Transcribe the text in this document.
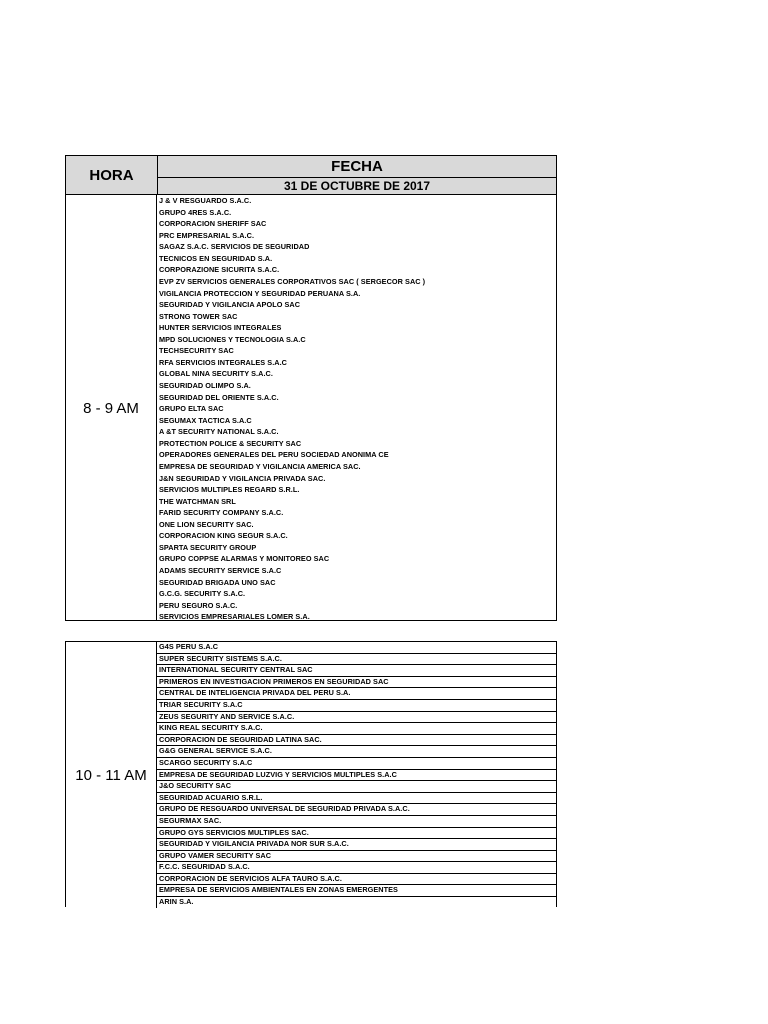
HORA	FECHA
31 DE OCTUBRE DE 2017
8 - 9 AM
J & V RESGUARDO S.A.C.
GRUPO 4RES S.A.C.
CORPORACION SHERIFF SAC
PRC EMPRESARIAL S.A.C.
SAGAZ S.A.C. SERVICIOS DE SEGURIDAD
TECNICOS EN SEGURIDAD S.A.
CORPORAZIONE SICURITA S.A.C.
EVP ZV SERVICIOS GENERALES CORPORATIVOS SAC ( SERGECOR SAC )
VIGILANCIA PROTECCION Y SEGURIDAD PERUANA S.A.
SEGURIDAD Y VIGILANCIA APOLO SAC
STRONG TOWER SAC
HUNTER SERVICIOS INTEGRALES
MPD SOLUCIONES Y TECNOLOGIA S.A.C
TECHSECURITY SAC
RFA SERVICIOS INTEGRALES S.A.C
GLOBAL NINA SECURITY S.A.C.
SEGURIDAD OLIMPO S.A.
SEGURIDAD DEL ORIENTE S.A.C.
GRUPO ELTA SAC
SEGUMAX TACTICA S.A.C
A &T SECURITY NATIONAL S.A.C.
PROTECTION POLICE & SECURITY SAC
OPERADORES GENERALES DEL PERU SOCIEDAD ANONIMA CE
EMPRESA DE SEGURIDAD Y VIGILANCIA AMERICA SAC.
J&N SEGURIDAD Y VIGILANCIA PRIVADA SAC.
SERVICIOS MULTIPLES REGARD S.R.L.
THE WATCHMAN SRL
FARID SECURITY COMPANY S.A.C.
ONE LION SECURITY SAC.
CORPORACION KING SEGUR S.A.C.
SPARTA SECURITY GROUP
GRUPO COPPSE ALARMAS Y MONITOREO SAC
ADAMS SECURITY SERVICE S.A.C
SEGURIDAD BRIGADA UNO SAC
G.C.G. SECURITY S.A.C.
PERU SEGURO S.A.C.
SERVICIOS EMPRESARIALES LOMER S.A.
10 - 11 AM
G4S PERU S.A.C
SUPER SECURITY SISTEMS S.A.C.
INTERNATIONAL SECURITY CENTRAL SAC
PRIMEROS EN INVESTIGACION PRIMEROS EN SEGURIDAD SAC
CENTRAL DE INTELIGENCIA PRIVADA DEL PERU S.A.
TRIAR SECURITY S.A.C
ZEUS SEGURITY AND SERVICE S.A.C.
KING REAL SECURITY S.A.C.
CORPORACION DE SEGURIDAD LATINA SAC.
G&G GENERAL SERVICE S.A.C.
SCARGO SECURITY S.A.C
EMPRESA DE SEGURIDAD LUZVIG Y SERVICIOS MULTIPLES S.A.C
J&O SECURITY SAC
SEGURIDAD ACUARIO S.R.L.
GRUPO DE RESGUARDO UNIVERSAL DE SEGURIDAD PRIVADA S.A.C.
SEGURMAX SAC.
GRUPO GYS SERVICIOS MULTIPLES SAC.
SEGURIDAD Y VIGILANCIA PRIVADA NOR SUR S.A.C.
GRUPO VAMER SECURITY SAC
F.C.C. SEGURIDAD S.A.C.
CORPORACION DE SERVICIOS ALFA TAURO S.A.C.
EMPRESA DE SERVICIOS AMBIENTALES EN ZONAS EMERGENTES
ARIN S.A.
